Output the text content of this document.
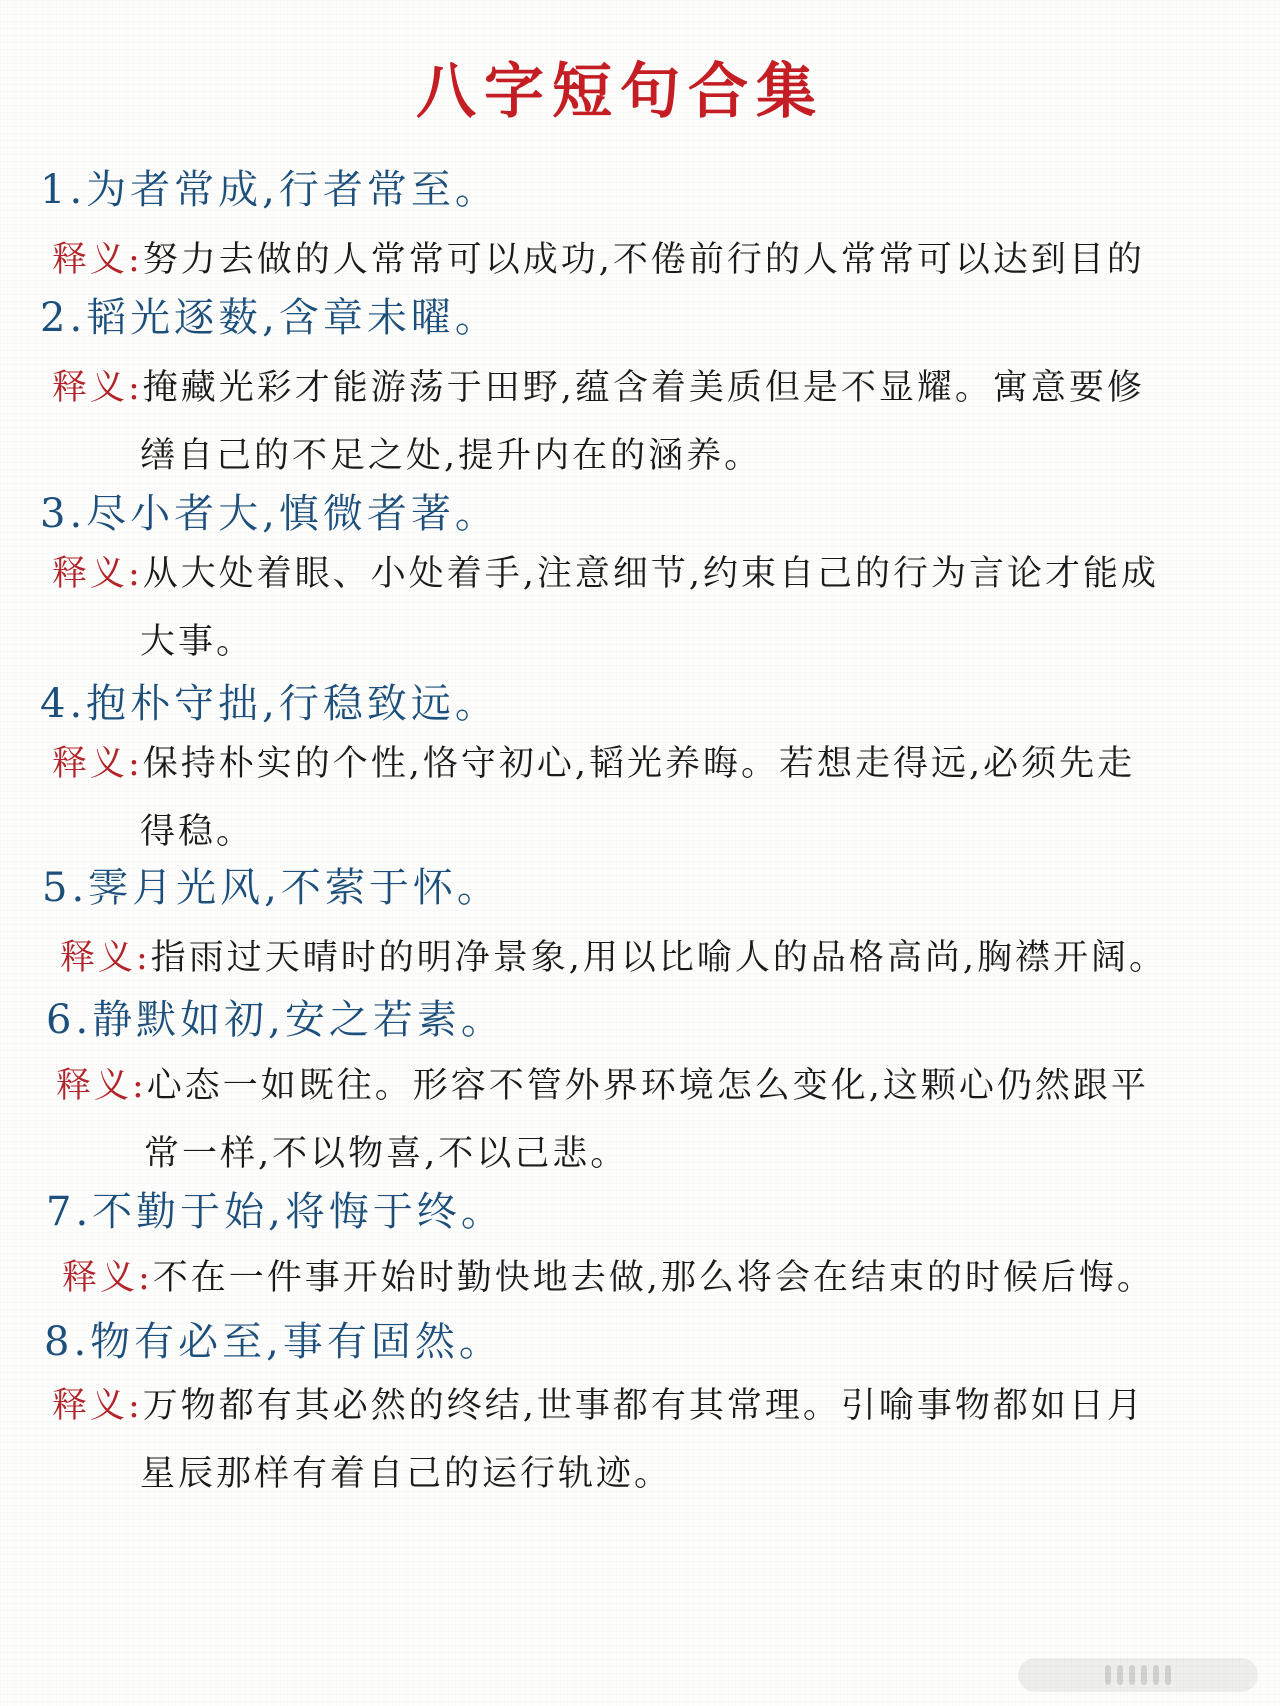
八字短句合集
1.为者常成,行者常至。
释义:努力去做的人常常可以成功,不倦前行的人常常可以达到目的
2.韬光逐薮,含章未曜。
释义:掩藏光彩才能游荡于田野,蕴含着美质但是不显耀。寓意要修
缮自己的不足之处,提升内在的涵养。
3.尽小者大,慎微者著。
释义:从大处着眼、小处着手,注意细节,约束自己的行为言论才能成
大事。
4.抱朴守拙,行稳致远。
释义:保持朴实的个性,恪守初心,韬光养晦。若想走得远,必须先走
得稳。
5.霁月光风,不萦于怀。
释义:指雨过天晴时的明净景象,用以比喻人的品格高尚,胸襟开阔。
6.静默如初,安之若素。
释义:心态一如既往。形容不管外界环境怎么变化,这颗心仍然跟平
常一样,不以物喜,不以己悲。
7.不勤于始,将悔于终。
释义:不在一件事开始时勤快地去做,那么将会在结束的时候后悔。
8.物有必至,事有固然。
释义:万物都有其必然的终结,世事都有其常理。引喻事物都如日月
星辰那样有着自己的运行轨迹。
